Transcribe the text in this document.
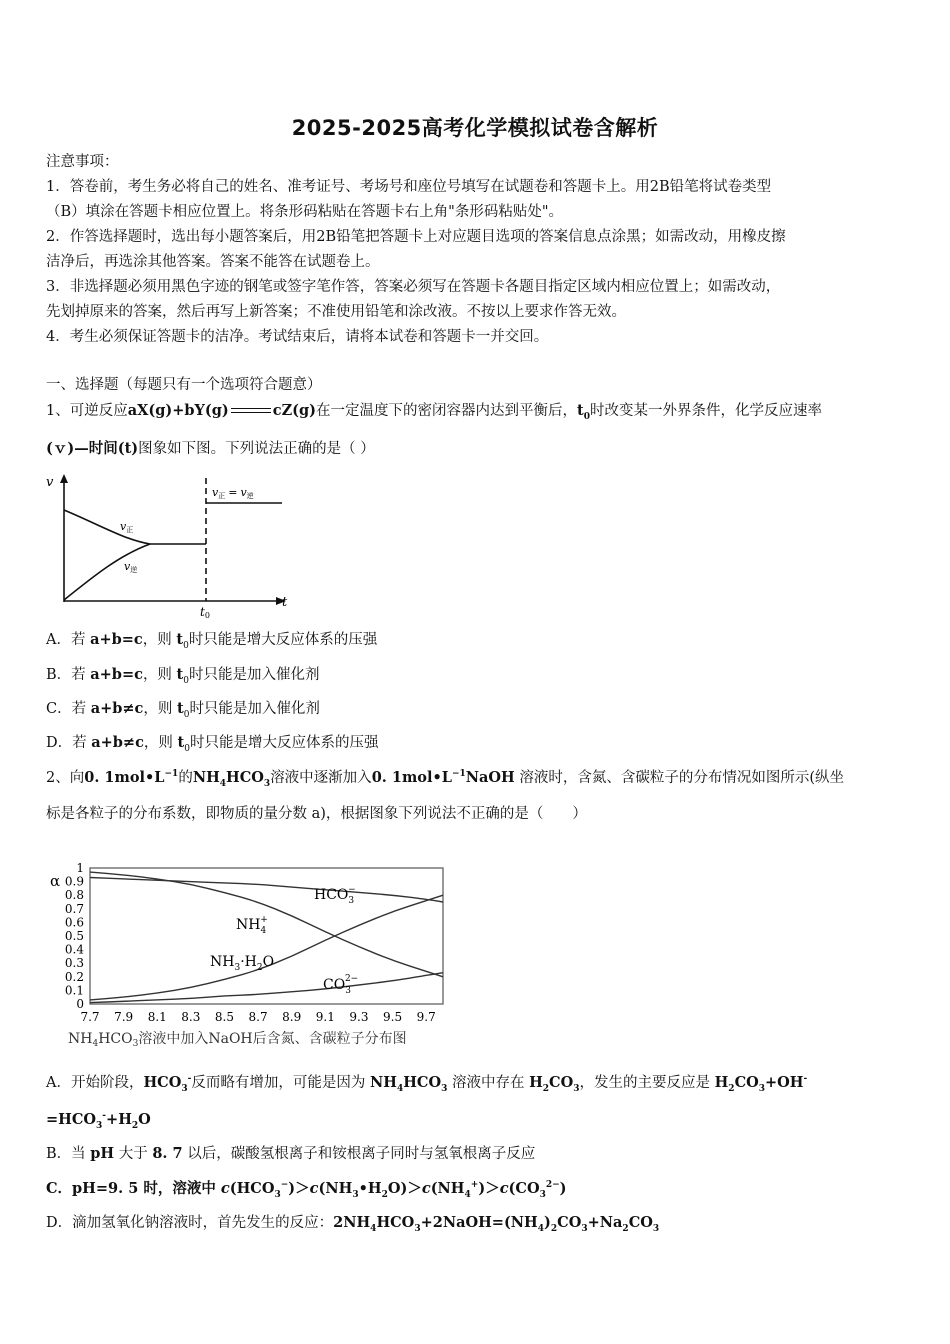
2025-2025高考化学模拟试卷含解析
注意事项：
1．答卷前，考生务必将自己的姓名、准考证号、考场号和座位号填写在试题卷和答题卡上。用2B铅笔将试卷类型
（B）填涂在答题卡相应位置上。将条形码粘贴在答题卡右上角"条形码粘贴处"。
2．作答选择题时，选出每小题答案后，用2B铅笔把答题卡上对应题目选项的答案信息点涂黑；如需改动，用橡皮擦
洁净后，再选涂其他答案。答案不能答在试题卷上。
3．非选择题必须用黑色字迹的钢笔或签字笔作答，答案必须写在答题卡各题目指定区域内相应位置上；如需改动，
先划掉原来的答案，然后再写上新答案；不准使用铅笔和涂改液。不按以上要求作答无效。
4．考生必须保证答题卡的洁净。考试结束后，请将本试卷和答题卡一并交回。
一、选择题（每题只有一个选项符合题意）
1、可逆反应aX(g)+bY(g)	cZ(g)在一定温度下的密闭容器内达到平衡后，$t_0$时改变某一外界条件，化学反应速率
(ｖ)—时间(t)图象如下图。下列说法正确的是（ ）
v
t
v正
v逆
v正 = v逆
t0
A．若 a+b=c，则 $t_0$时只能是增大反应体系的压强
B．若 a+b=c，则 $t_0$时只能是加入催化剂
C．若 a+b≠c，则 $t_0$时只能是加入催化剂
D．若 a+b≠c，则 $t_0$时只能是增大反应体系的压强
2、向0. $1mol•L^{-1}$的$NH_4HCO_3$溶液中逐渐加入0. $1mol•L^{-1}NaOH$ 溶液时，含氮、含碳粒子的分布情况如图所示(纵坐
标是各粒子的分布系数，即物质的量分数 a)，根据图象下列说法不正确的是（　　）
α
0
0.1
0.2
0.3
0.4
0.5
0.6
0.7
0.8
0.9
1
7.7 7.9 8.1 8.3 8.5 8.7 8.9 9.1 9.3 9.5 9.7
$HCO_3-$
$NH_4+$
$NH_3\cdot H_2O$
$CO_32-$
$NH_4HCO_3$溶液中加入NaOH后含氮、含碳粒子分布图
A．开始阶段，$HCO_3^-$反而略有增加，可能是因为 $NH_4HCO_3$ 溶液中存在 $H_2CO_3$，发生的主要反应是 $H_2CO_3+OH^-$
$=HCO_3^-+H_2O$
B．当 pH 大于 8. 7 以后，碳酸氢根离子和铵根离子同时与氢氧根离子反应
C．pH=9. 5 时，溶液中 $c(HCO_3^-)>c(NH_3•H_2O)>c(NH_4^+)>c(CO_3^{2-})$
D．滴加氢氧化钠溶液时，首先发生的反应：$2NH_4HCO_3+2NaOH=(NH_4)_2CO_3+Na_2CO_3$
